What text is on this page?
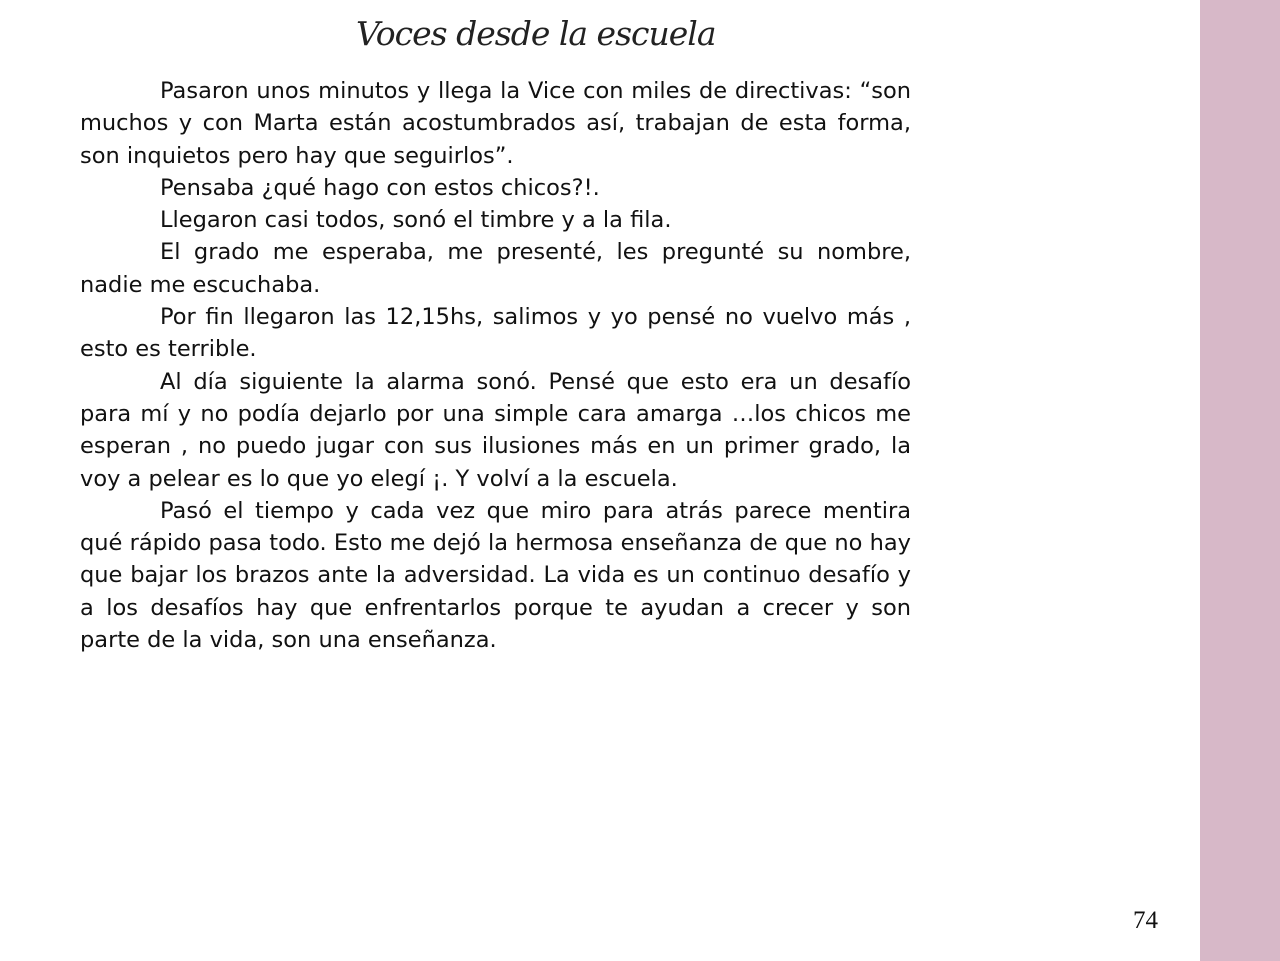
Voces desde la escuela

Pasaron unos minutos y llega la Vice con miles de directivas: “son muchos y con Marta están acostumbrados así, trabajan de esta forma, son inquietos pero hay que seguirlos”.

Pensaba ¿qué hago con estos chicos?!.

Llegaron casi todos, sonó el timbre y a la fila.

El grado me esperaba, me presenté, les pregunté su nombre, nadie me escuchaba.

Por fin llegaron las 12,15hs, salimos y yo pensé no vuelvo más , esto es terrible.

Al día siguiente la alarma sonó. Pensé que esto era un desafío para mí y no podía dejarlo por una simple cara amarga …los chicos me esperan , no puedo jugar con sus ilusiones más en un primer grado, la voy a pelear es lo que yo elegí ¡. Y volví a la escuela.

Pasó el tiempo y cada vez que miro para atrás parece mentira qué rápido pasa todo. Esto me dejó la hermosa enseñanza de que no hay que bajar los brazos ante la adversidad. La vida es un continuo desafío y a los desafíos hay que enfrentarlos porque te ayudan a crecer y son parte de la vida, son una enseñanza.

74
